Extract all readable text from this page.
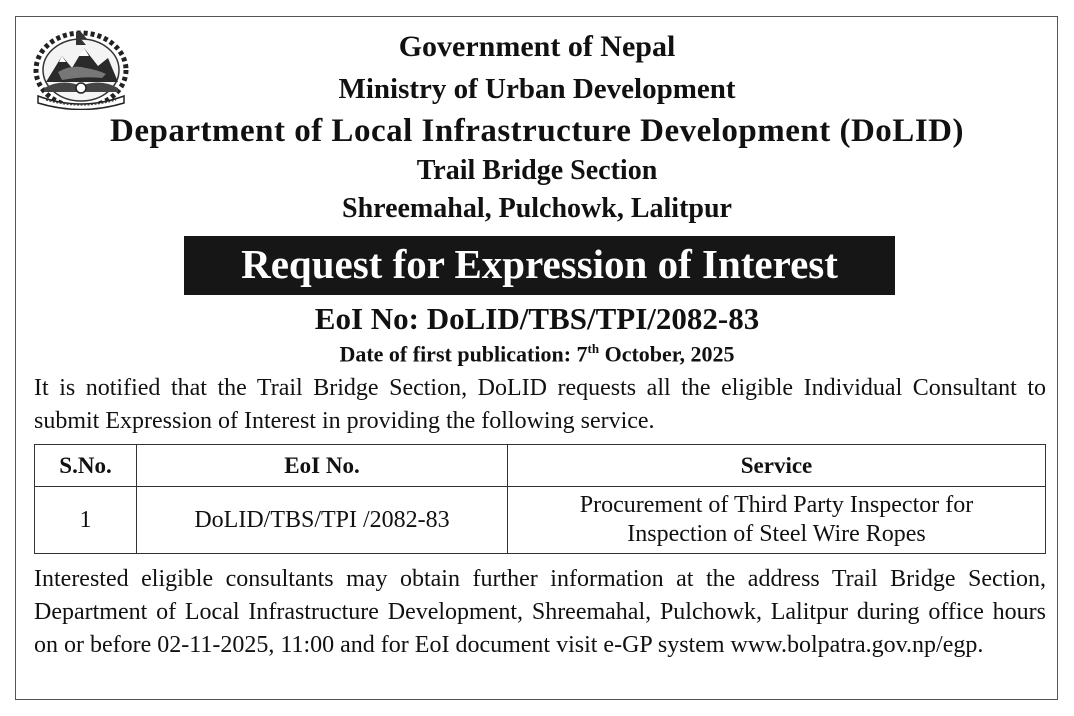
Government of Nepal
Ministry of Urban Development
Department of Local Infrastructure Development (DoLID)
Trail Bridge Section
Shreemahal, Pulchowk, Lalitpur
Request for Expression of Interest
EoI No: DoLID/TBS/TPI/2082-83
Date of first publication: 7th October, 2025
It is notified that the Trail Bridge Section, DoLID requests all the eligible Individual Consultant to submit Expression of Interest in providing the following service.
S.No.	EoI No.	Service
1	DoLID/TBS/TPI /2082-83	Procurement of Third Party Inspector for
Inspection of Steel Wire Ropes
Interested eligible consultants may obtain further information at the address Trail Bridge Section, Department of Local Infrastructure Development, Shreemahal, Pulchowk, Lalitpur during office hours on or before 02-11-2025, 11:00 and for EoI document visit e-GP system www.bolpatra.gov.np/egp.
